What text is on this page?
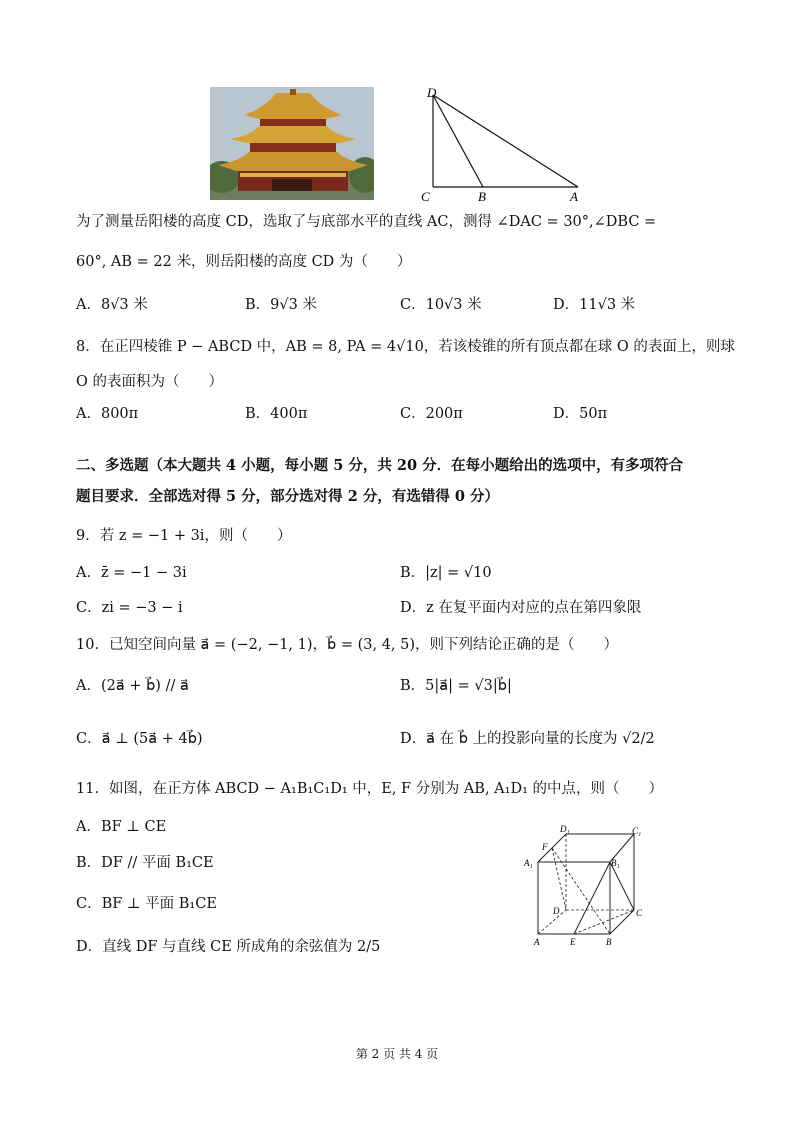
D
C	B	A
为了测量岳阳楼的高度 CD，选取了与底部水平的直线 AC，测得 ∠DAC = 30°,∠DBC =
60°, AB = 22 米，则岳阳楼的高度 CD 为（　　）
A．8√3 米	B．9√3 米	C．10√3 米	D．11√3 米
8．在正四棱锥 P − ABCD 中，AB = 8, PA = 4√10，若该棱锥的所有顶点都在球 O 的表面上，则球
O 的表面积为（　　）
A．800π	B．400π	C．200π	D．50π
二、多选题（本大题共 4 小题，每小题 5 分，共 20 分．在每小题给出的选项中，有多项符合
题目要求．全部选对得 5 分，部分选对得 2 分，有选错得 0 分）
9．若 z = −1 + 3i，则（　　）
A．z̄ = −1 − 3i	B．|z| = √10
C．zi = −3 − i	D．z 在复平面内对应的点在第四象限
10．已知空间向量 a⃗ = (−2, −1, 1)，b⃗ = (3, 4, 5)，则下列结论正确的是（　　）
A．(2a⃗ + b⃗) // a⃗	B．5|a⃗| = √3|b⃗|
C．a⃗ ⊥ (5a⃗ + 4b⃗)	D．a⃗ 在 b⃗ 上的投影向量的长度为 √2/2
11．如图，在正方体 ABCD − A₁B₁C₁D₁ 中，E, F 分别为 AB, A₁D₁ 的中点，则（　　）
A．BF ⊥ CE
B．DF // 平面 B₁CE
C．BF ⊥ 平面 B₁CE
D．直线 DF 与直线 CE 所成角的余弦值为 2/5
D₁	C₁
A₁	B₁
F
D	C
A	E	B
第 2 页 共 4 页
